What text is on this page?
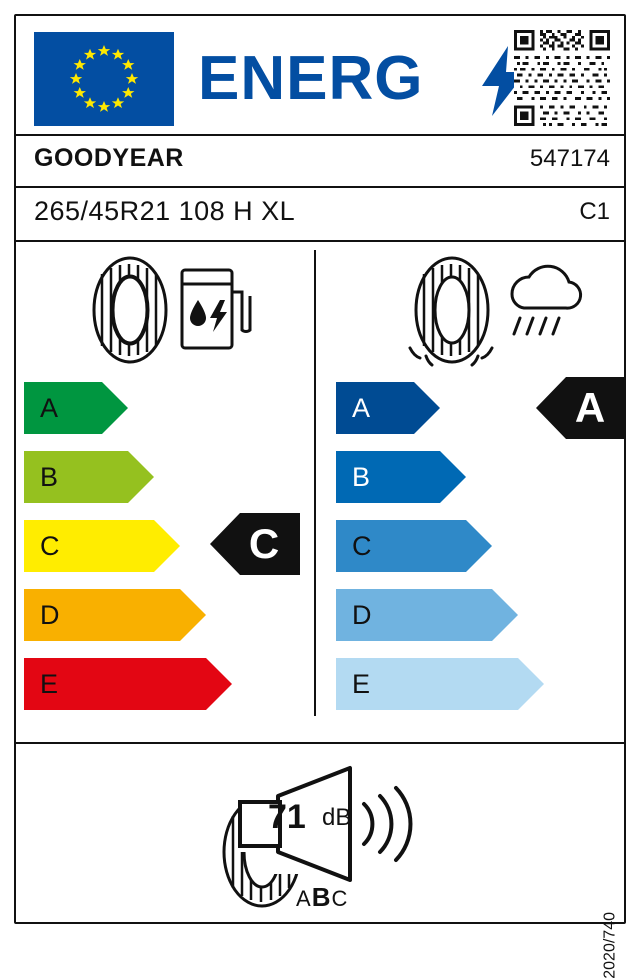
ENERG
GOODYEAR	547174
265/45R21 108 H XL	C1
A
B
C
D
E
A
B
C
D
E
C
A
71 dB
ABC
2020/740
